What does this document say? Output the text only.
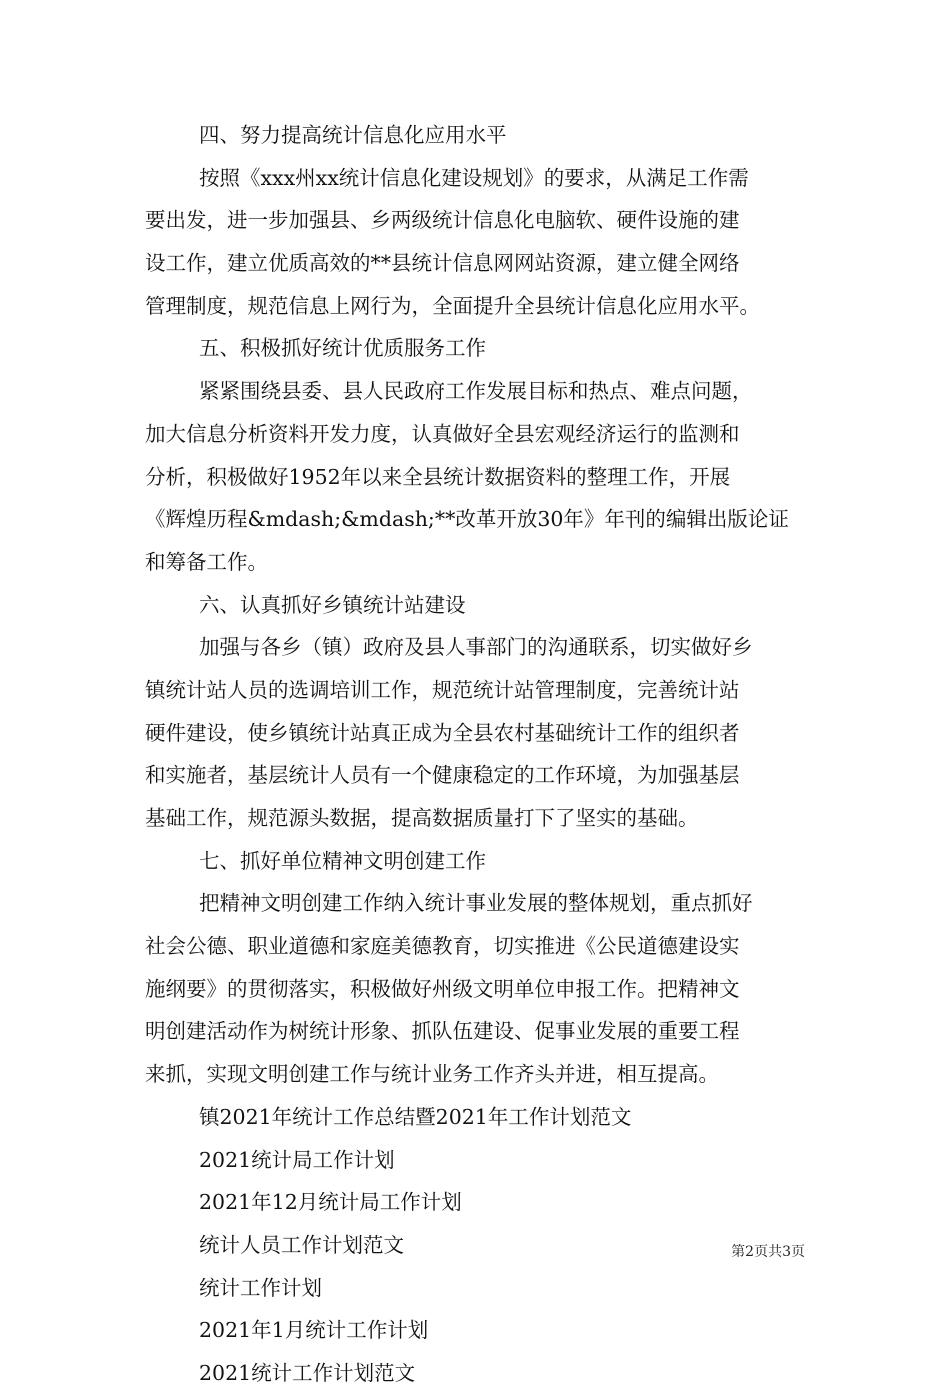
四、努力提高统计信息化应用水平
按照《xxx州xx统计信息化建设规划》的要求，从满足工作需
要出发，进一步加强县、乡两级统计信息化电脑软、硬件设施的建
设工作，建立优质高效的**县统计信息网网站资源，建立健全网络
管理制度，规范信息上网行为，全面提升全县统计信息化应用水平。
五、积极抓好统计优质服务工作
紧紧围绕县委、县人民政府工作发展目标和热点、难点问题，
加大信息分析资料开发力度，认真做好全县宏观经济运行的监测和
分析，积极做好1952年以来全县统计数据资料的整理工作，开展
《辉煌历程&mdash;&mdash;**改革开放30年》年刊的编辑出版论证
和筹备工作。
六、认真抓好乡镇统计站建设
加强与各乡（镇）政府及县人事部门的沟通联系，切实做好乡
镇统计站人员的选调培训工作，规范统计站管理制度，完善统计站
硬件建设，使乡镇统计站真正成为全县农村基础统计工作的组织者
和实施者，基层统计人员有一个健康稳定的工作环境，为加强基层
基础工作，规范源头数据，提高数据质量打下了坚实的基础。
七、抓好单位精神文明创建工作
把精神文明创建工作纳入统计事业发展的整体规划，重点抓好
社会公德、职业道德和家庭美德教育，切实推进《公民道德建设实
施纲要》的贯彻落实，积极做好州级文明单位申报工作。把精神文
明创建活动作为树统计形象、抓队伍建设、促事业发展的重要工程
来抓，实现文明创建工作与统计业务工作齐头并进，相互提高。
镇2021年统计工作总结暨2021年工作计划范文
2021统计局工作计划
2021年12月统计局工作计划
统计人员工作计划范文
统计工作计划
2021年1月统计工作计划
2021统计工作计划范文
第2页共3页
